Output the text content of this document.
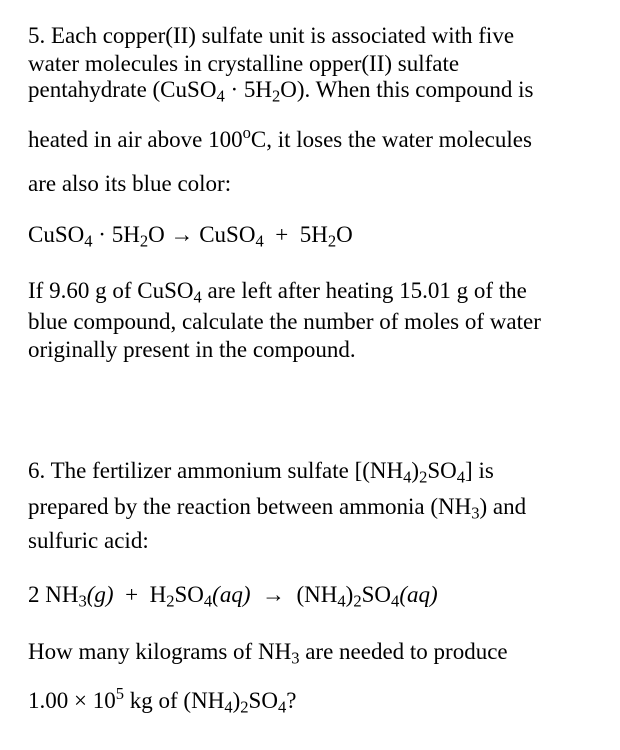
5. Each copper(II) sulfate unit is associated with five
water molecules in crystalline opper(II) sulfate
pentahydrate (CuSO$_4$ · $5H_2O$). When this compound is
heated in air above 100$^o$C, it loses the water molecules
are also its blue color:
CuSO$_4$ · $5H_2O$ → CuSO$_4$ + $5H_2O$
If 9.60 g of CuSO$_4$ are left after heating 15.01 g of the
blue compound, calculate the number of moles of water
originally present in the compound.
6. The fertilizer ammonium sulfate $[(NH_4)_2SO_4]$ is
prepared by the reaction between ammonia $(NH_3)$ and
sulfuric acid:
2 $NH_3(g) + H_2SO_4(aq) \to (NH_4)_2SO_4(aq)$
How many kilograms of $NH_3$ are needed to produce
$1.00 \times 10^5$ kg of $(NH_4)_2SO_4$?
